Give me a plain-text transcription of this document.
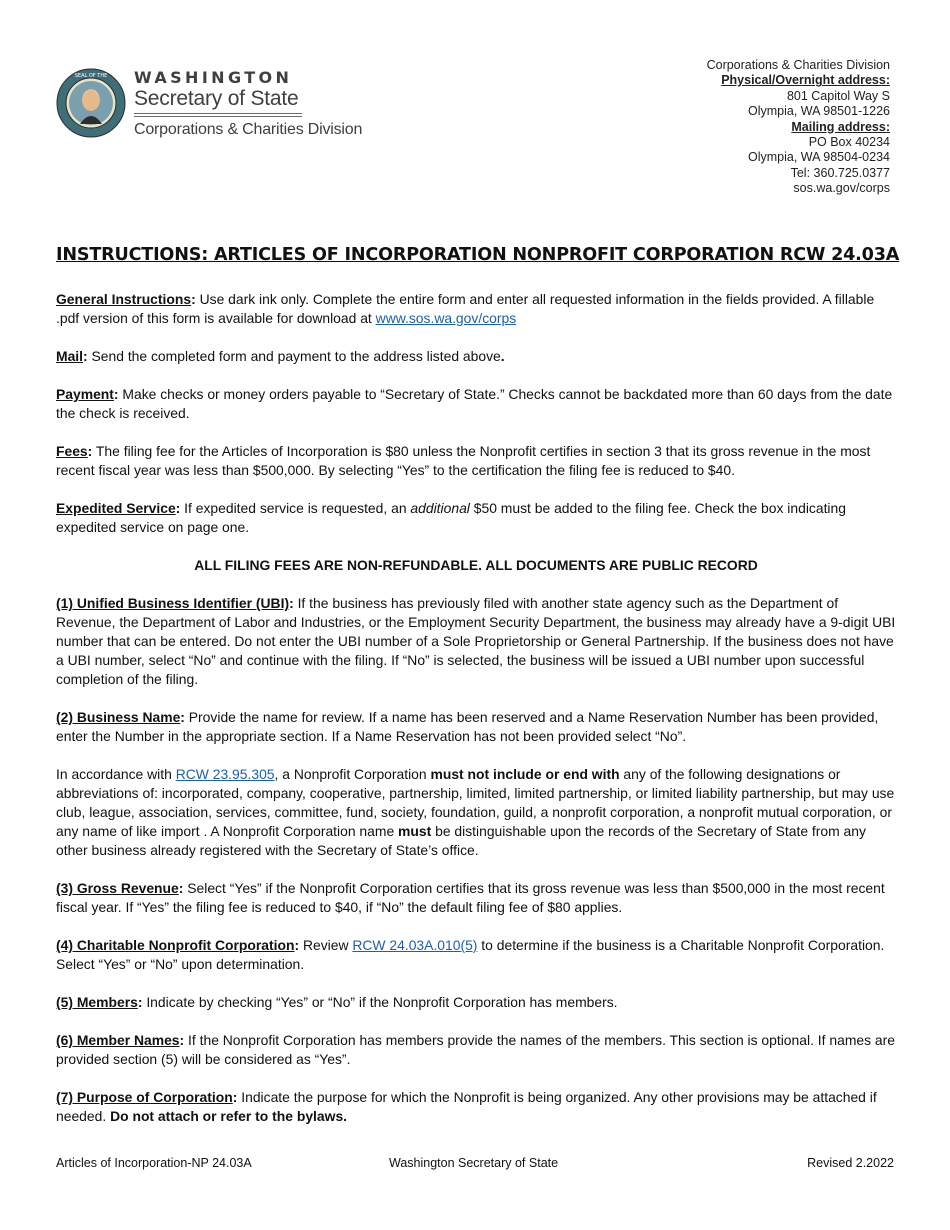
SEAL OF THE WASHINGTON
Secretary of State
Corporations & Charities Division
Corporations & Charities Division
Physical/Overnight address:
801 Capitol Way S
Olympia, WA 98501-1226
Mailing address:
PO Box 40234
Olympia, WA 98504-0234
Tel: 360.725.0377
sos.wa.gov/corps
INSTRUCTIONS: ARTICLES OF INCORPORATION NONPROFIT CORPORATION RCW 24.03A

General Instructions: Use dark ink only. Complete the entire form and enter all requested information in the fields provided. A fillable .pdf version of this form is available for download at www.sos.wa.gov/corps

Mail: Send the completed form and payment to the address listed above.

Payment: Make checks or money orders payable to “Secretary of State.” Checks cannot be backdated more than 60 days from the date the check is received.

Fees: The filing fee for the Articles of Incorporation is $80 unless the Nonprofit certifies in section 3 that its gross revenue in the most recent fiscal year was less than $500,000. By selecting “Yes” to the certification the filing fee is reduced to $40.

Expedited Service: If expedited service is requested, an additional $50 must be added to the filing fee. Check the box indicating expedited service on page one.

ALL FILING FEES ARE NON-REFUNDABLE. ALL DOCUMENTS ARE PUBLIC RECORD

(1) Unified Business Identifier (UBI): If the business has previously filed with another state agency such as the Department of Revenue, the Department of Labor and Industries, or the Employment Security Department, the business may already have a 9-digit UBI number that can be entered. Do not enter the UBI number of a Sole Proprietorship or General Partnership. If the business does not have a UBI number, select “No” and continue with the filing. If “No” is selected, the business will be issued a UBI number upon successful completion of the filing.

(2) Business Name: Provide the name for review. If a name has been reserved and a Name Reservation Number has been provided, enter the Number in the appropriate section. If a Name Reservation has not been provided select “No”.

In accordance with RCW 23.95.305, a Nonprofit Corporation must not include or end with any of the following designations or abbreviations of: incorporated, company, cooperative, partnership, limited, limited partnership, or limited liability partnership, but may use club, league, association, services, committee, fund, society, foundation, guild, a nonprofit corporation, a nonprofit mutual corporation, or any name of like import . A Nonprofit Corporation name must be distinguishable upon the records of the Secretary of State from any other business already registered with the Secretary of State’s office.

(3) Gross Revenue: Select “Yes” if the Nonprofit Corporation certifies that its gross revenue was less than $500,000 in the most recent fiscal year. If “Yes” the filing fee is reduced to $40, if “No” the default filing fee of $80 applies.

(4) Charitable Nonprofit Corporation: Review RCW 24.03A.010(5) to determine if the business is a Charitable Nonprofit Corporation. Select “Yes” or “No” upon determination.

(5) Members: Indicate by checking “Yes” or “No” if the Nonprofit Corporation has members.

(6) Member Names: If the Nonprofit Corporation has members provide the names of the members. This section is optional. If names are provided section (5) will be considered as “Yes”.

(7) Purpose of Corporation: Indicate the purpose for which the Nonprofit is being organized. Any other provisions may be attached if needed. Do not attach or refer to the bylaws.

Articles of Incorporation-NP 24.03A	Washington Secretary of State	Revised 2.2022
